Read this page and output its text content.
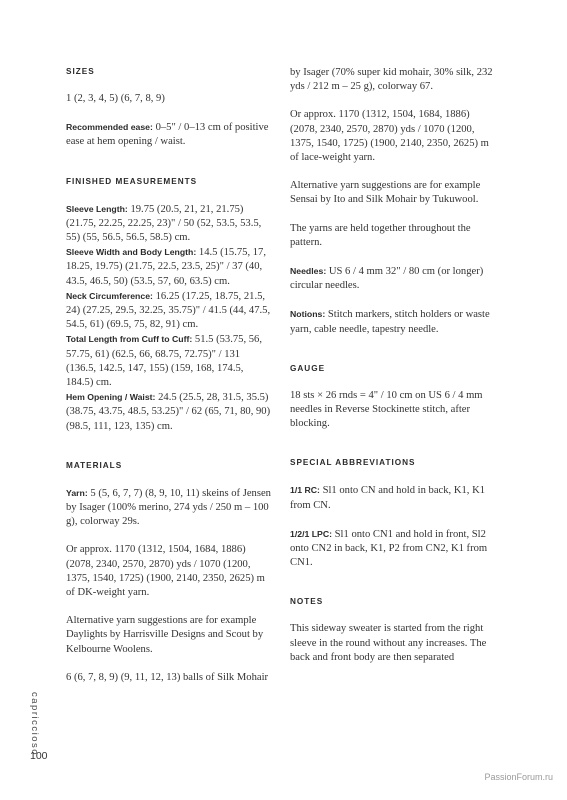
SIZES

1 (2, 3, 4, 5) (6, 7, 8, 9)

Recommended ease: 0–5" / 0–13 cm of positive ease at hem opening / waist.

FINISHED MEASUREMENTS

Sleeve Length: 19.75 (20.5, 21, 21, 21.75) (21.75, 22.25, 22.25, 23)" / 50 (52, 53.5, 53.5, 55) (55, 56.5, 56.5, 58.5) cm.

Sleeve Width and Body Length: 14.5 (15.75, 17, 18.25, 19.75) (21.75, 22.5, 23.5, 25)" / 37 (40, 43.5, 46.5, 50) (53.5, 57, 60, 63.5) cm.

Neck Circumference: 16.25 (17.25, 18.75, 21.5, 24) (27.25, 29.5, 32.25, 35.75)" / 41.5 (44, 47.5, 54.5, 61) (69.5, 75, 82, 91) cm.

Total Length from Cuff to Cuff: 51.5 (53.75, 56, 57.75, 61) (62.5, 66, 68.75, 72.75)" / 131 (136.5, 142.5, 147, 155) (159, 168, 174.5, 184.5) cm.

Hem Opening / Waist: 24.5 (25.5, 28, 31.5, 35.5) (38.75, 43.75, 48.5, 53.25)" / 62 (65, 71, 80, 90) (98.5, 111, 123, 135) cm.

MATERIALS

Yarn: 5 (5, 6, 7, 7) (8, 9, 10, 11) skeins of Jensen by Isager (100% merino, 274 yds / 250 m – 100 g), colorway 29s.

Or approx. 1170 (1312, 1504, 1684, 1886) (2078, 2340, 2570, 2870) yds / 1070 (1200, 1375, 1540, 1725) (1900, 2140, 2350, 2625) m of DK-weight yarn.

Alternative yarn suggestions are for example Daylights by Harrisville Designs and Scout by Kelbourne Woolens.

6 (6, 7, 8, 9) (9, 11, 12, 13) balls of Silk Mohair

by Isager (70% super kid mohair, 30% silk, 232 yds / 212 m – 25 g), colorway 67.

Or approx. 1170 (1312, 1504, 1684, 1886) (2078, 2340, 2570, 2870) yds / 1070 (1200, 1375, 1540, 1725) (1900, 2140, 2350, 2625) m of lace-weight yarn.

Alternative yarn suggestions are for example Sensai by Ito and Silk Mohair by Tukuwool.

The yarns are held together throughout the pattern.

Needles: US 6 / 4 mm 32" / 80 cm (or longer) circular needles.

Notions: Stitch markers, stitch holders or waste yarn, cable needle, tapestry needle.

GAUGE

18 sts × 26 rnds = 4" / 10 cm on US 6 / 4 mm needles in Reverse Stockinette stitch, after blocking.

SPECIAL ABBREVIATIONS

1/1 RC: Sl1 onto CN and hold in back, K1, K1 from CN.

1/2/1 LPC: Sl1 onto CN1 and hold in front, Sl2 onto CN2 in back, K1, P2 from CN2, K1 from CN1.

NOTES

This sideway sweater is started from the right sleeve in the round without any increases. The back and front body are then separated

capriccioso
100
PassionForum.ru
